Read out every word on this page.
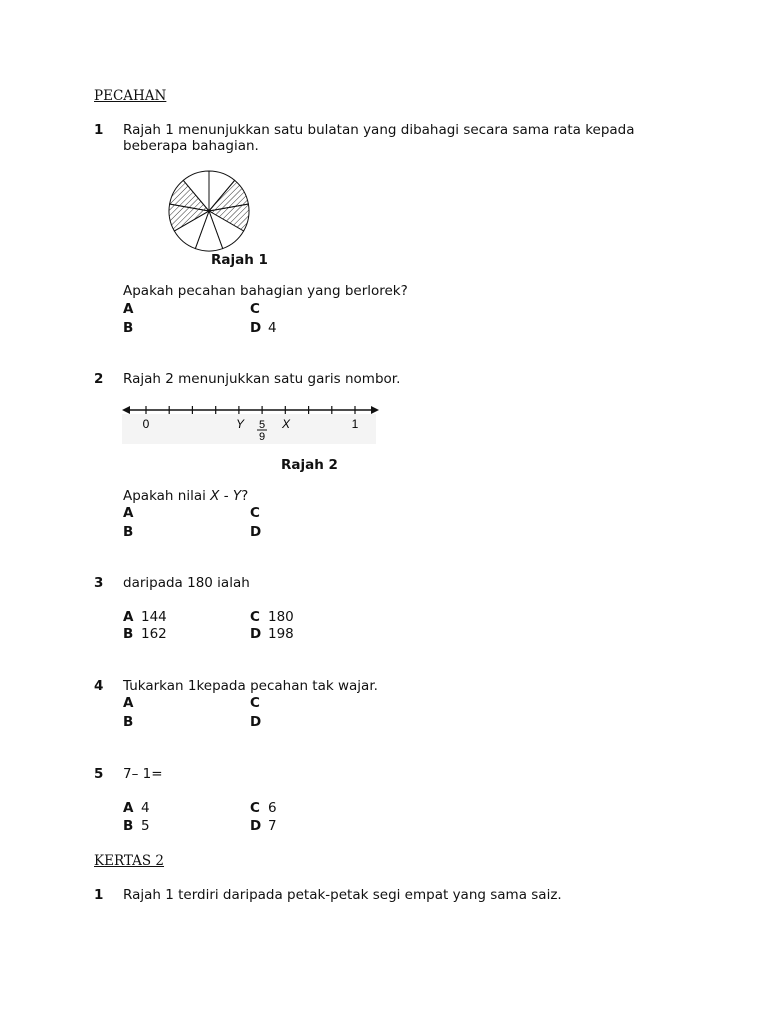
PECAHAN
1 Rajah 1 menunjukkan satu bulatan yang dibahagi secara sama rata kepada
beberapa bahagian.
Rajah 1
Apakah pecahan bahagian yang berlorek?
A	C
B	D 4
2 Rajah 2 menunjukkan satu garis nombor.
0	Y 5
9
X	1
Rajah 2
Apakah nilai X - Y?
A	C
B	D
3 daripada 180 ialah
A 144	C 180
B 162	D 198
4 Tukarkan 1kepada pecahan tak wajar.
A	C
B	D
5 7– 1=
A 4	C 6
B 5	D 7
KERTAS 2
1 Rajah 1 terdiri daripada petak-petak segi empat yang sama saiz.
